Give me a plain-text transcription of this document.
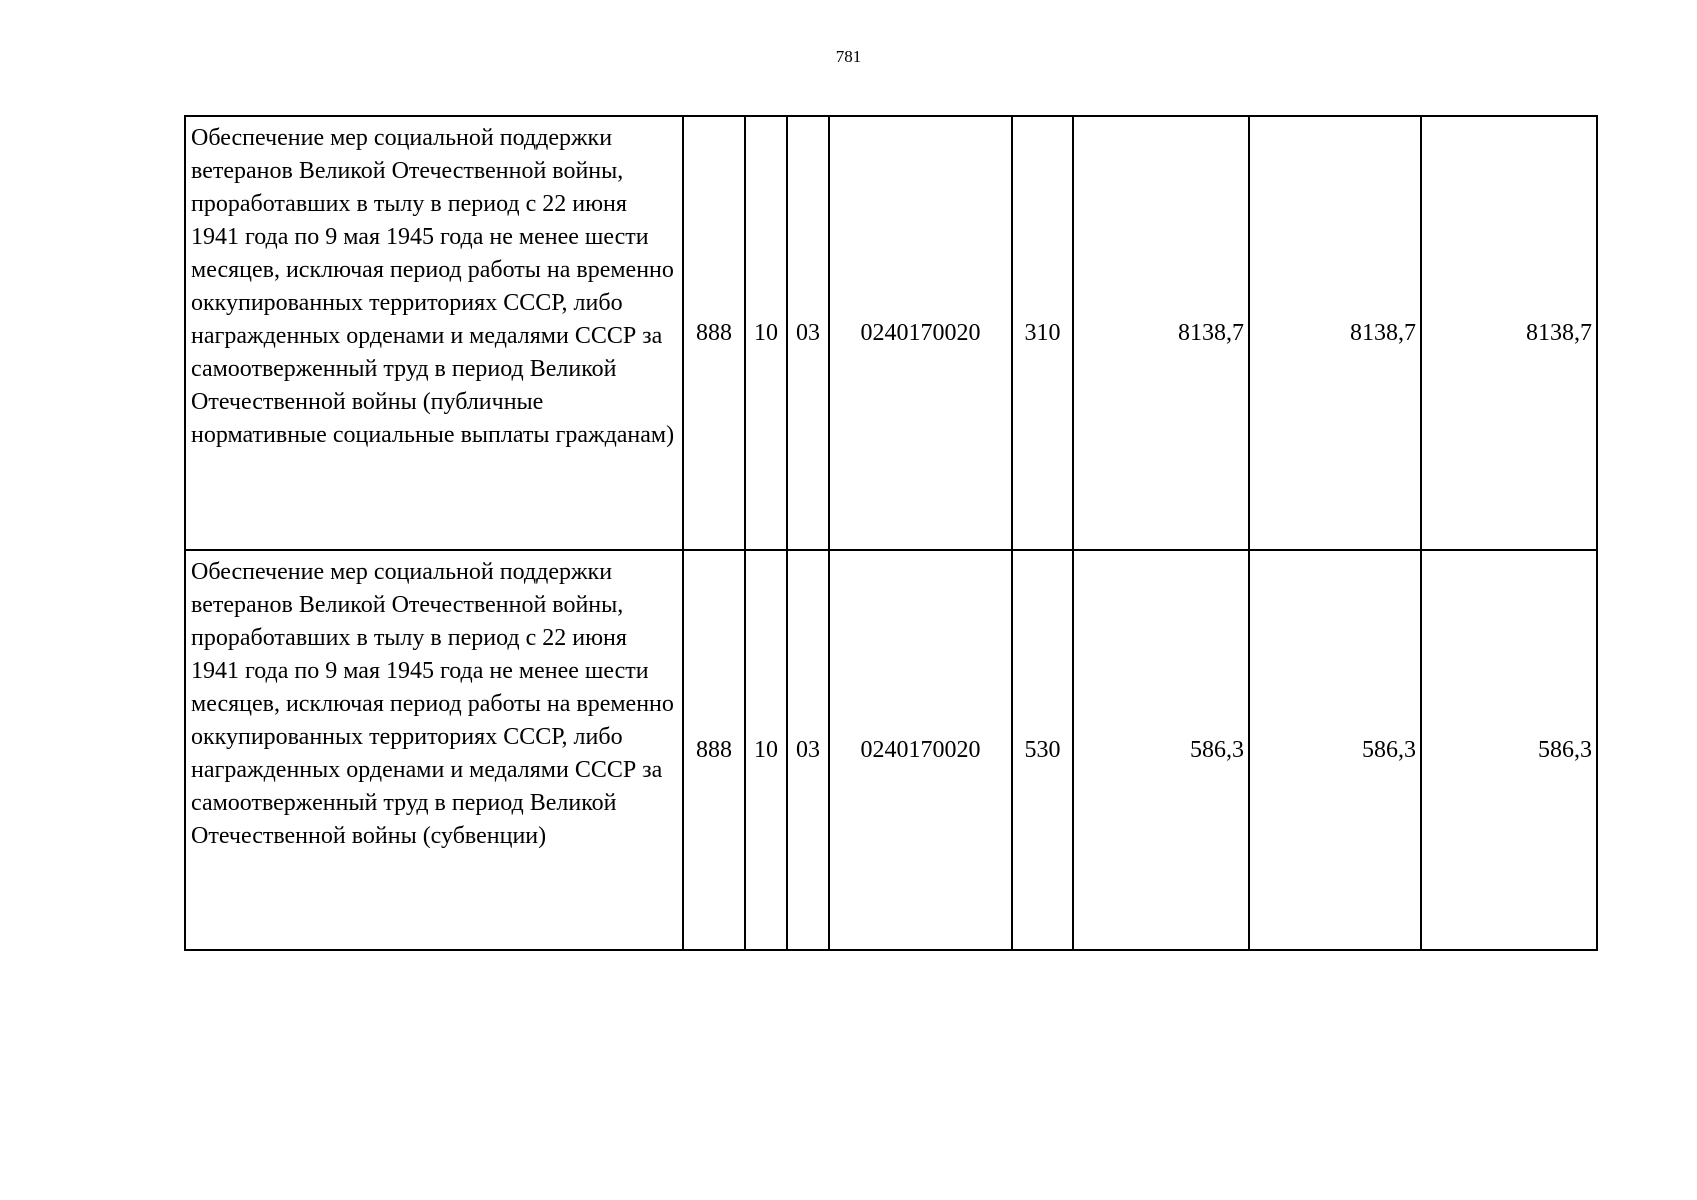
781
Обеспечение мер социальной поддержки ветеранов Великой Отечественной войны, проработавших в тылу в период с 22 июня 1941 года по 9 мая 1945 года не менее шести месяцев, исключая период работы на временно оккупированных территориях СССР, либо награжденных орденами и медалями СССР за самоотверженный труд в период Великой Отечественной войны (публичные нормативные социальные выплаты гражданам)	888	10	03	0240170020	310	8138,7	8138,7	8138,7
Обеспечение мер социальной поддержки ветеранов Великой Отечественной войны, проработавших в тылу в период с 22 июня 1941 года по 9 мая 1945 года не менее шести месяцев, исключая период работы на временно оккупированных территориях СССР, либо награжденных орденами и медалями СССР за самоотверженный труд в период Великой Отечественной войны (субвенции)	888	10	03	0240170020	530	586,3	586,3	586,3
